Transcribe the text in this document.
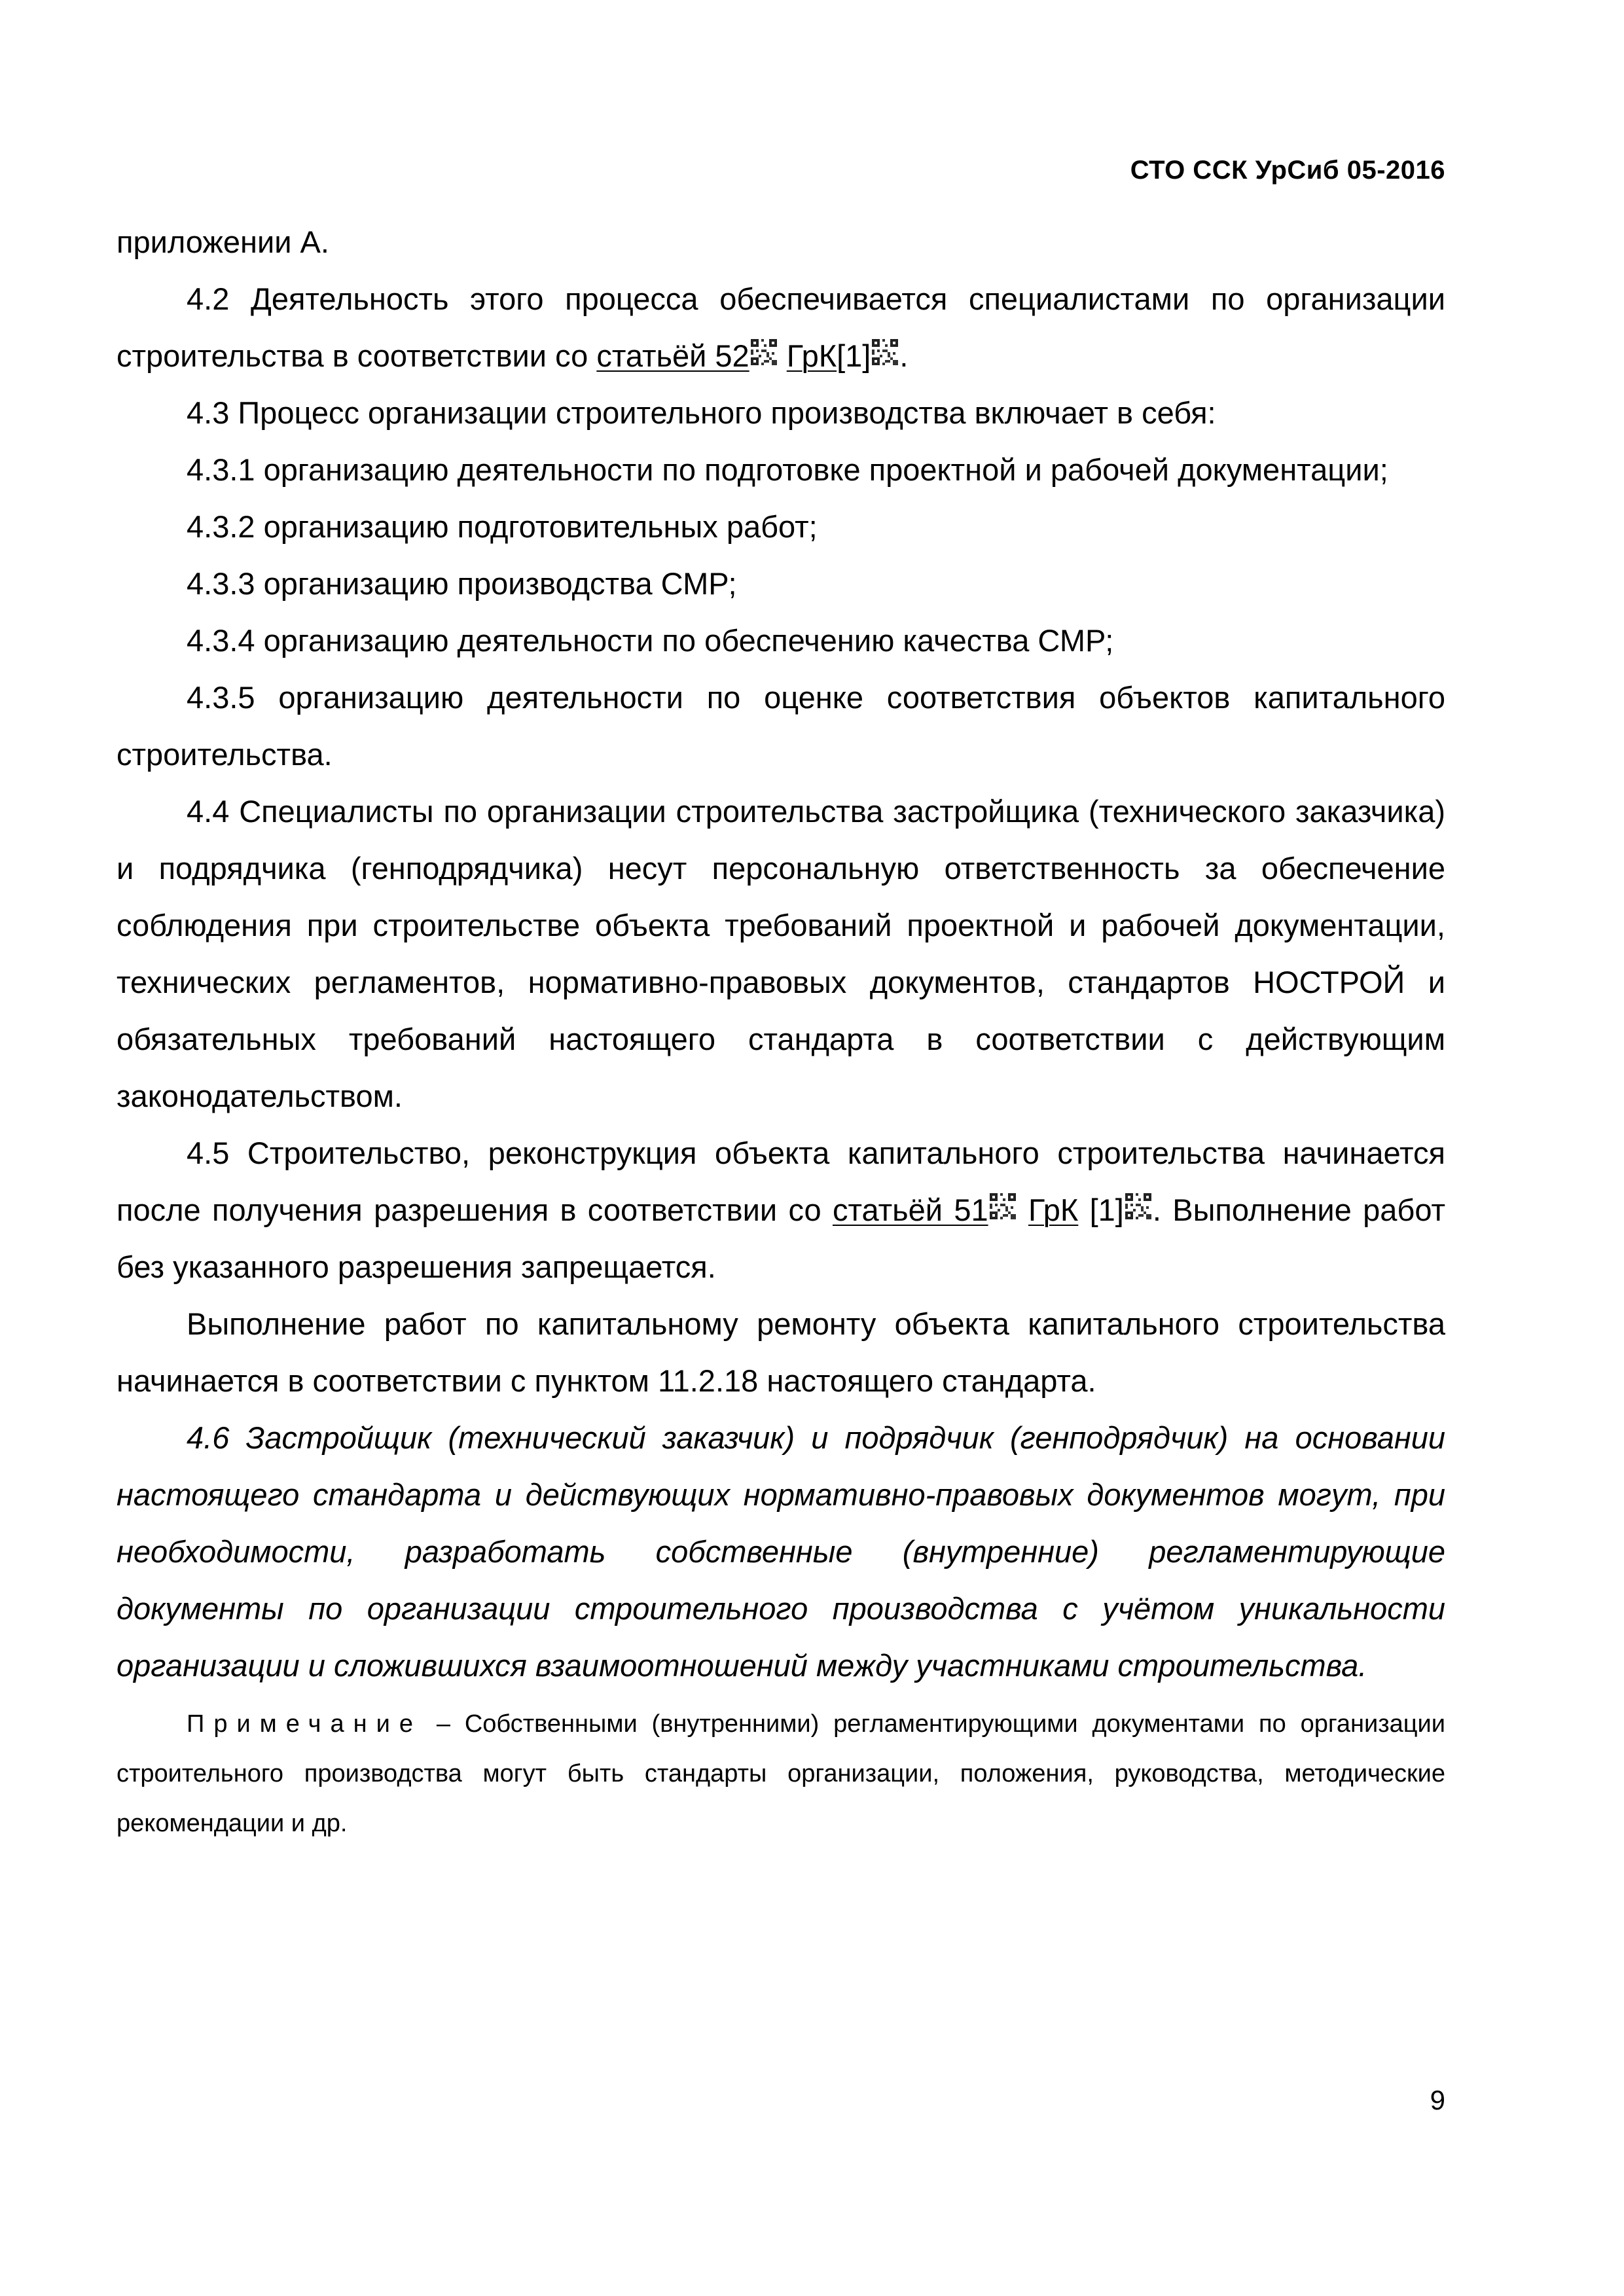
СТО ССК УрСиб 05-2016

приложении А.

4.2 Деятельность этого процесса обеспечивается специалистами по организации строительства в соответствии со статьёй 52 ГрК[1] .

4.3 Процесс организации строительного производства включает в себя:

4.3.1 организацию деятельности по подготовке проектной и рабочей документации;

4.3.2 организацию подготовительных работ;

4.3.3 организацию производства СМР;

4.3.4 организацию деятельности по обеспечению качества СМР;

4.3.5 организацию деятельности по оценке соответствия объектов капитального строительства.

4.4 Специалисты по организации строительства застройщика (технического заказчика) и подрядчика (генподрядчика) несут персональную ответственность за обеспечение соблюдения при строительстве объекта требований проектной и рабочей документации, технических регламентов, нормативно-правовых документов, стандартов НОСТРОЙ и обязательных требований настоящего стандарта в соответствии с действующим законодательством.

4.5 Строительство, реконструкция объекта капитального строительства начинается после получения разрешения в соответствии со статьёй 51 ГрК [1] . Выполнение работ без указанного разрешения запрещается.

Выполнение работ по капитальному ремонту объекта капитального строительства начинается в соответствии с пунктом 11.2.18 настоящего стандарта.

4.6 Застройщик (технический заказчик) и подрядчик (генподрядчик) на основании настоящего стандарта и действующих нормативно-правовых документов могут, при необходимости, разработать собственные (внутренние) регламентирующие документы по организации строительного производства с учётом уникальности организации и сложившихся взаимоотношений между участниками строительства.

Примечание – Собственными (внутренними) регламентирующими документами по организации строительного производства могут быть стандарты организации, положения, руководства, методические рекомендации и др.

9
